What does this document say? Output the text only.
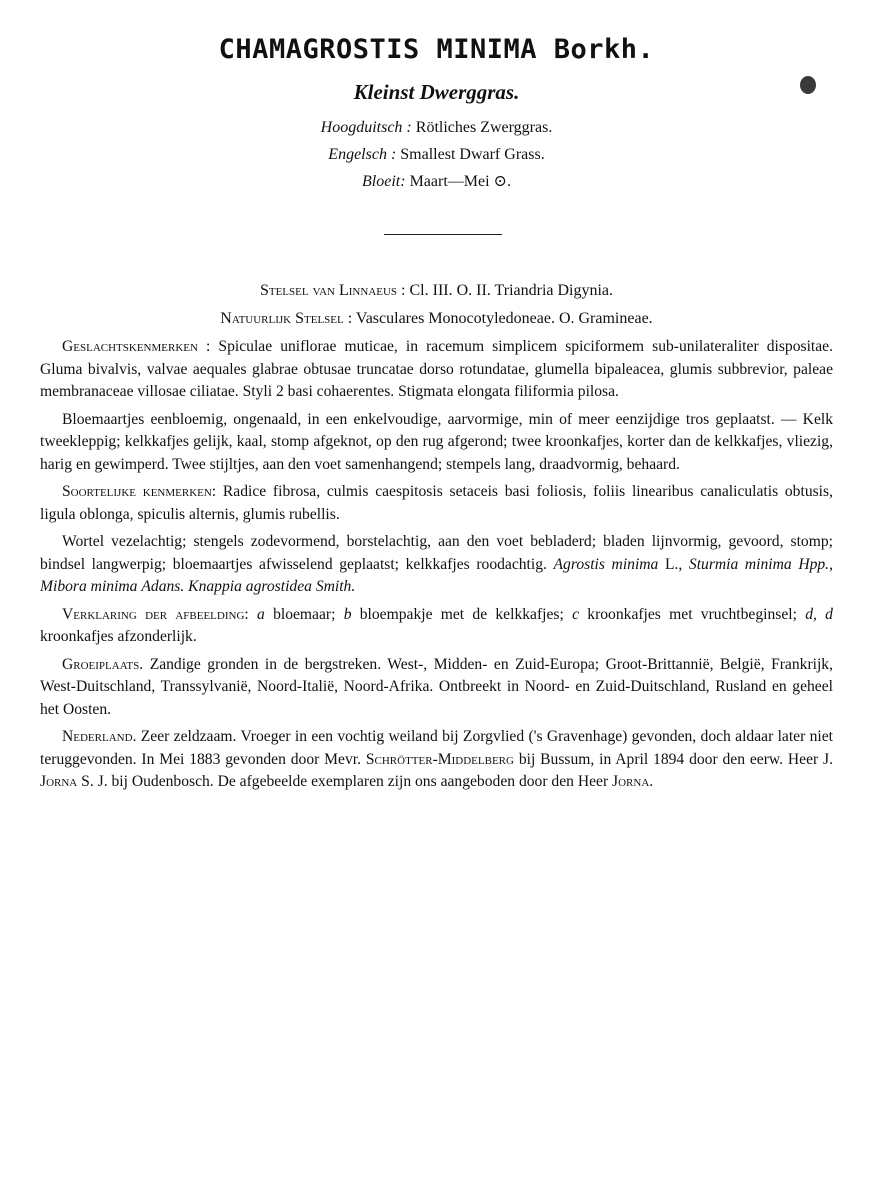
CHAMAGROSTIS MINIMA Borkh.
Kleinst Dwerggras.
Hoogduitsch : Rötliches Zwerggras.
Engelsch : Smallest Dwarf Grass.
Bloeit: Maart—Mei ⊙.
Stelsel van Linnaeus : Cl. III. O. II. Triandria Digynia.
Natuurlijk Stelsel : Vasculares Monocotyledoneae. O. Gramineae.

Geslachtskenmerken : Spiculae uniflorae muticae, in racemum simplicem spiciformem sub-unilateraliter dispositae. Gluma bivalvis, valvae aequales glabrae obtusae truncatae dorso rotundatae, glumella bipaleacea, glumis subbrevior, paleae membranaceae villosae ciliatae. Styli 2 basi cohaerentes. Stigmata elongata filiformia pilosa.

Bloemaartjes eenbloemig, ongenaald, in een enkelvoudige, aarvormige, min of meer eenzijdige tros geplaatst. — Kelk tweekleppig; kelkkafjes gelijk, kaal, stomp afgeknot, op den rug afgerond; twee kroonkafjes, korter dan de kelkkafjes, vliezig, harig en gewimperd. Twee stijltjes, aan den voet samenhangend; stempels lang, draadvormig, behaard.

Soortelijke kenmerken: Radice fibrosa, culmis caespitosis setaceis basi foliosis, foliis linearibus canaliculatis obtusis, ligula oblonga, spiculis alternis, glumis rubellis.

Wortel vezelachtig; stengels zodevormend, borstelachtig, aan den voet bebladerd; bladen lijnvormig, gevoord, stomp; bindsel langwerpig; bloemaartjes afwisselend geplaatst; kelkkafjes roodachtig. Agrostis minima L., Sturmia minima Hpp., Mibora minima Adans. Knappia agrostidea Smith.

Verklaring der afbeelding: a bloemaar; b bloempakje met de kelkkafjes; c kroonkafjes met vruchtbeginsel; d, d kroonkafjes afzonderlijk.

Groeiplaats. Zandige gronden in de bergstreken. West-, Midden- en Zuid-Europa; Groot-Brittannië, België, Frankrijk, West-Duitschland, Transsylvanië, Noord-Italië, Noord-Afrika. Ontbreekt in Noord- en Zuid-Duitschland, Rusland en geheel het Oosten.

Nederland. Zeer zeldzaam. Vroeger in een vochtig weiland bij Zorgvlied ('s Gravenhage) gevonden, doch aldaar later niet teruggevonden. In Mei 1883 gevonden door Mevr. Schrötter-Middelberg bij Bussum, in April 1894 door den eerw. Heer J. Jorna S. J. bij Oudenbosch. De afgebeelde exemplaren zijn ons aangeboden door den Heer Jorna.
